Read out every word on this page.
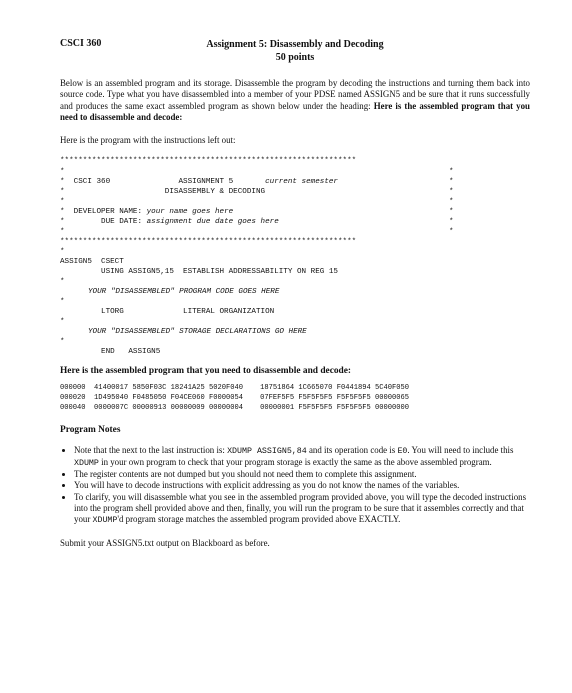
CSCI 360	Assignment 5: Disassembly and Decoding
50 points

Below is an assembled program and its storage. Disassemble the program by decoding the instructions and turning them back into source code. Type what you have disassembled into a member of your PDSE named ASSIGN5 and be sure that it runs successfully and produces the same exact assembled program as shown below under the heading: Here is the assembled program that you need to disassemble and decode:

Here is the program with the instructions left out:

*****************************************************************
*	*
*  CSCI 360               ASSIGNMENT 5       current semester	*
*                      DISASSEMBLY & DECODING	*
*	*
*  DEVELOPER NAME: your name goes here	*
*        DUE DATE: assignment due date goes here	*
*	*
*****************************************************************
*
ASSIGN5  CSECT
USING ASSIGN5,15  ESTABLISH ADDRESSABILITY ON REG 15
*
YOUR "DISASSEMBLED" PROGRAM CODE GOES HERE
*
LTORG             LITERAL ORGANIZATION
*
YOUR "DISASSEMBLED" STORAGE DECLARATIONS GO HERE
*
END   ASSIGN5
Here is the assembled program that you need to disassemble and decode:
000000  41400017 5850F03C 18241A25 5020F040    18751864 1C665070 F0441894 5C40F050
000020  1D495040 F0485050 F04CE060 F0000054    07FEF5F5 F5F5F5F5 F5F5F5F5 00000065
000040  0000007C 00000913 00000009 00000004    00000001 F5F5F5F5 F5F5F5F5 00000000
Program Notes
• Note that the next to the last instruction is: XDUMP ASSIGN5,84 and its operation code is E0. You will need to include this XDUMP in your own program to check that your program storage is exactly the same as the above assembled program.
• The register contents are not dumped but you should not need them to complete this assignment.
• You will have to decode instructions with explicit addressing as you do not know the names of the variables.
• To clarify, you will disassemble what you see in the assembled program provided above, you will type the decoded instructions into the program shell provided above and then, finally, you will run the program to be sure that it assembles correctly and that your XDUMP'd program storage matches the assembled program provided above EXACTLY.

Submit your ASSIGN5.txt output on Blackboard as before.
